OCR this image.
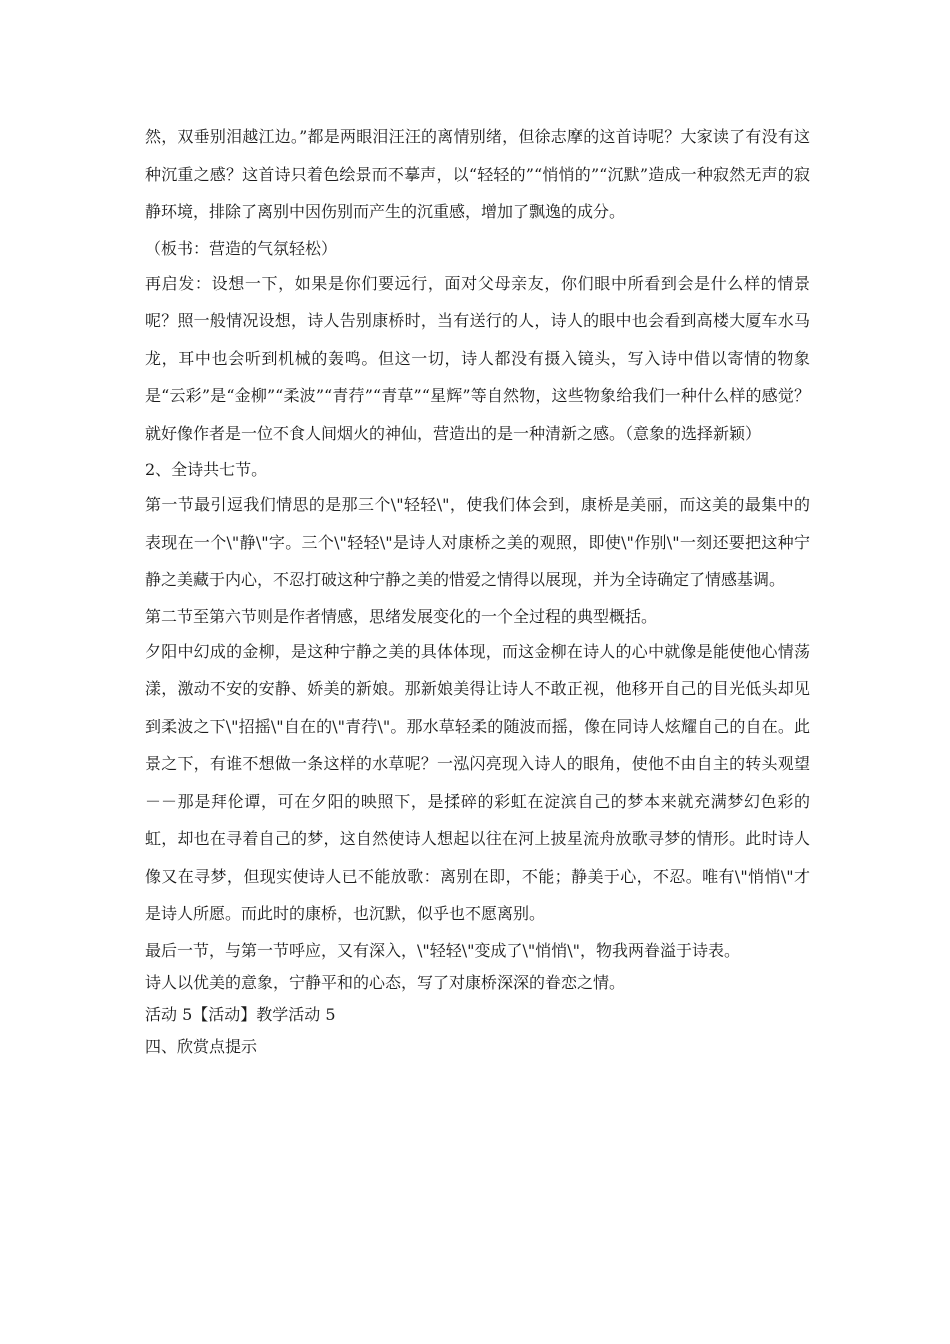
然，双垂别泪越江边。”都是两眼泪汪汪的离情别绪，但徐志摩的这首诗呢？大家读了有没有这种沉重之感？这首诗只着色绘景而不摹声，以“轻轻的”“悄悄的”“沉默”造成一种寂然无声的寂静环境，排除了离别中因伤别而产生的沉重感，增加了飘逸的成分。

（板书：营造的气氛轻松）

再启发：设想一下，如果是你们要远行，面对父母亲友，你们眼中所看到会是什么样的情景呢？照一般情况设想，诗人告别康桥时，当有送行的人，诗人的眼中也会看到高楼大厦车水马龙，耳中也会听到机械的轰鸣。但这一切，诗人都没有摄入镜头，写入诗中借以寄情的物象是“云彩”是“金柳”“柔波”“青荇”“青草”“星辉”等自然物，这些物象给我们一种什么样的感觉？就好像作者是一位不食人间烟火的神仙，营造出的是一种清新之感。（意象的选择新颖）

2、全诗共七节。

第一节最引逗我们情思的是那三个\"轻轻\"，使我们体会到，康桥是美丽，而这美的最集中的表现在一个\"静\"字。三个\"轻轻\"是诗人对康桥之美的观照，即使\"作别\"一刻还要把这种宁静之美藏于内心，不忍打破这种宁静之美的惜爱之情得以展现，并为全诗确定了情感基调。

第二节至第六节则是作者情感，思绪发展变化的一个全过程的典型概括。

夕阳中幻成的金柳，是这种宁静之美的具体体现，而这金柳在诗人的心中就像是能使他心情荡漾，激动不安的安静、娇美的新娘。那新娘美得让诗人不敢正视，他移开自己的目光低头却见到柔波之下\"招摇\"自在的\"青荇\"。那水草轻柔的随波而摇，像在同诗人炫耀自己的自在。此景之下，有谁不想做一条这样的水草呢？一泓闪亮现入诗人的眼角，使他不由自主的转头观望－－那是拜伦谭，可在夕阳的映照下，是揉碎的彩虹在淀滨自己的梦本来就充满梦幻色彩的虹，却也在寻着自己的梦，这自然使诗人想起以往在河上披星流舟放歌寻梦的情形。此时诗人像又在寻梦，但现实使诗人已不能放歌：离别在即，不能；静美于心，不忍。唯有\"悄悄\"才是诗人所愿。而此时的康桥，也沉默，似乎也不愿离别。

最后一节，与第一节呼应，又有深入，\"轻轻\"变成了\"悄悄\"，物我两眷溢于诗表。

诗人以优美的意象，宁静平和的心态，写了对康桥深深的眷恋之情。

活动 5【活动】教学活动 5

四、欣赏点提示
